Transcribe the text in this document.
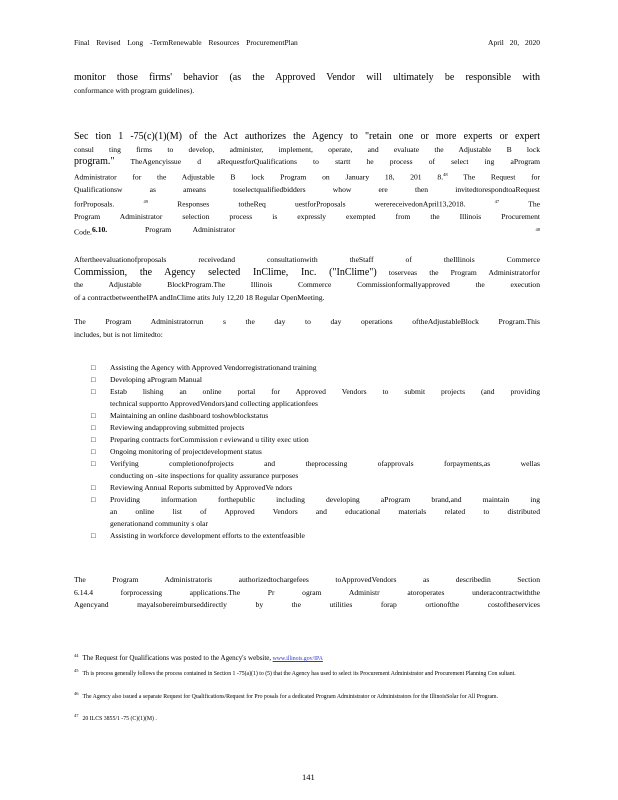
Final Revised Long -TermRenewable Resources ProcurementPlan	April 20, 2020
monitor those firms' behavior (as the Approved Vendor will ultimately be responsible with
conformance with program guidelines).
6.10.	Program Administrator
Sec tion 1 -75(c)(1)(M) of the Act authorizes the Agency to "retain one or more experts or expert
consul ting firms to develop, administer, implement, operate, and evaluate the Adjustable B lock
program." TheAgencyissue d aRequestforQualifications to startt he process of select ing aProgram
Administrator for the Adjustable B lock Program on January 18, 201 8.48 The Request for
Qualificationsw as ameans toselectqualifiedbidders whow ere then invitedtorespondtoaRequest
forProposals.	$^{49}$	Responses totheReq uestforProposals werereceivedonApril13,2018.	$^{47}$	The
Program Administrator selection process is expressly exempted from the Illinois Procurement
Code.	$^{48}$
Aftertheevaluationofproposals receivedand consultationwith theStaff of theIllinois Commerce
Commission, the Agency selected InClime, Inc. ("InClime") toserveas the Program Administratorfor
the Adjustable BlockProgram.The Illinois Commerce Commissionformallyapproved the execution
of a contractbetweentheIPA andInClime atits July 12,20 18 Regular OpenMeeting.
The Program Administratorrun s the day to day operations oftheAdjustableBlock Program.This
includes, but is not limitedto:
□ Assisting the Agency with Approved Vendorregistrationand training
□ Developing aProgram Manual
□ Estab lishing an online portal for Approved Vendors to submit projects (and providing
technical supportto ApprovedVendors)and collecting applicationfees
□ Maintaining an online dashboard toshowblockstatus
□ Reviewing andapproving submitted projects
□ Preparing contracts forCommission r eviewand u tility exec ution
□ Ongoing monitoring of projectdevelopment status
□ Verifying completionofprojects and theprocessing ofapprovals forpayments,as wellas
conducting on -site inspections for quality assurance purposes
□ Reviewing Annual Reports submitted by ApprovedVe ndors
□ Providing information forthepublic including developing aProgram brand,and maintain ing
an online list of Approved Vendors and educational materials related to distributed
generationand community s olar
□ Assisting in workforce development efforts to the extentfeasible
The Program Administratoris authorizedtochargefees toApprovedVendors as describedin Section
6.14.4 forprocessing applications.The Pr ogram Administr atoroperates underacontractwiththe
Agencyand mayalsobereimburseddirectly by the utilities forap ortionofthe costoftheservices
$^{44}$ The Request for Qualifications was posted to the Agency's website, www.illinois.gov/IPA
$^{45}$Th is process generally follows the process contained in Section 1 -75(a)(1) to (5) that the Agency has used to select its Procurement Administrator and Procurement Planning Con sultant.
$^{46}$The Agency also issued a separate Request for Qualifications/Request for Pro posals for a dedicated Program Administrator or Administrators for the IllinoisSolar for All Program.
$^{47}$20 ILCS 3855/1 -75 (C)(1)(M) .
141
